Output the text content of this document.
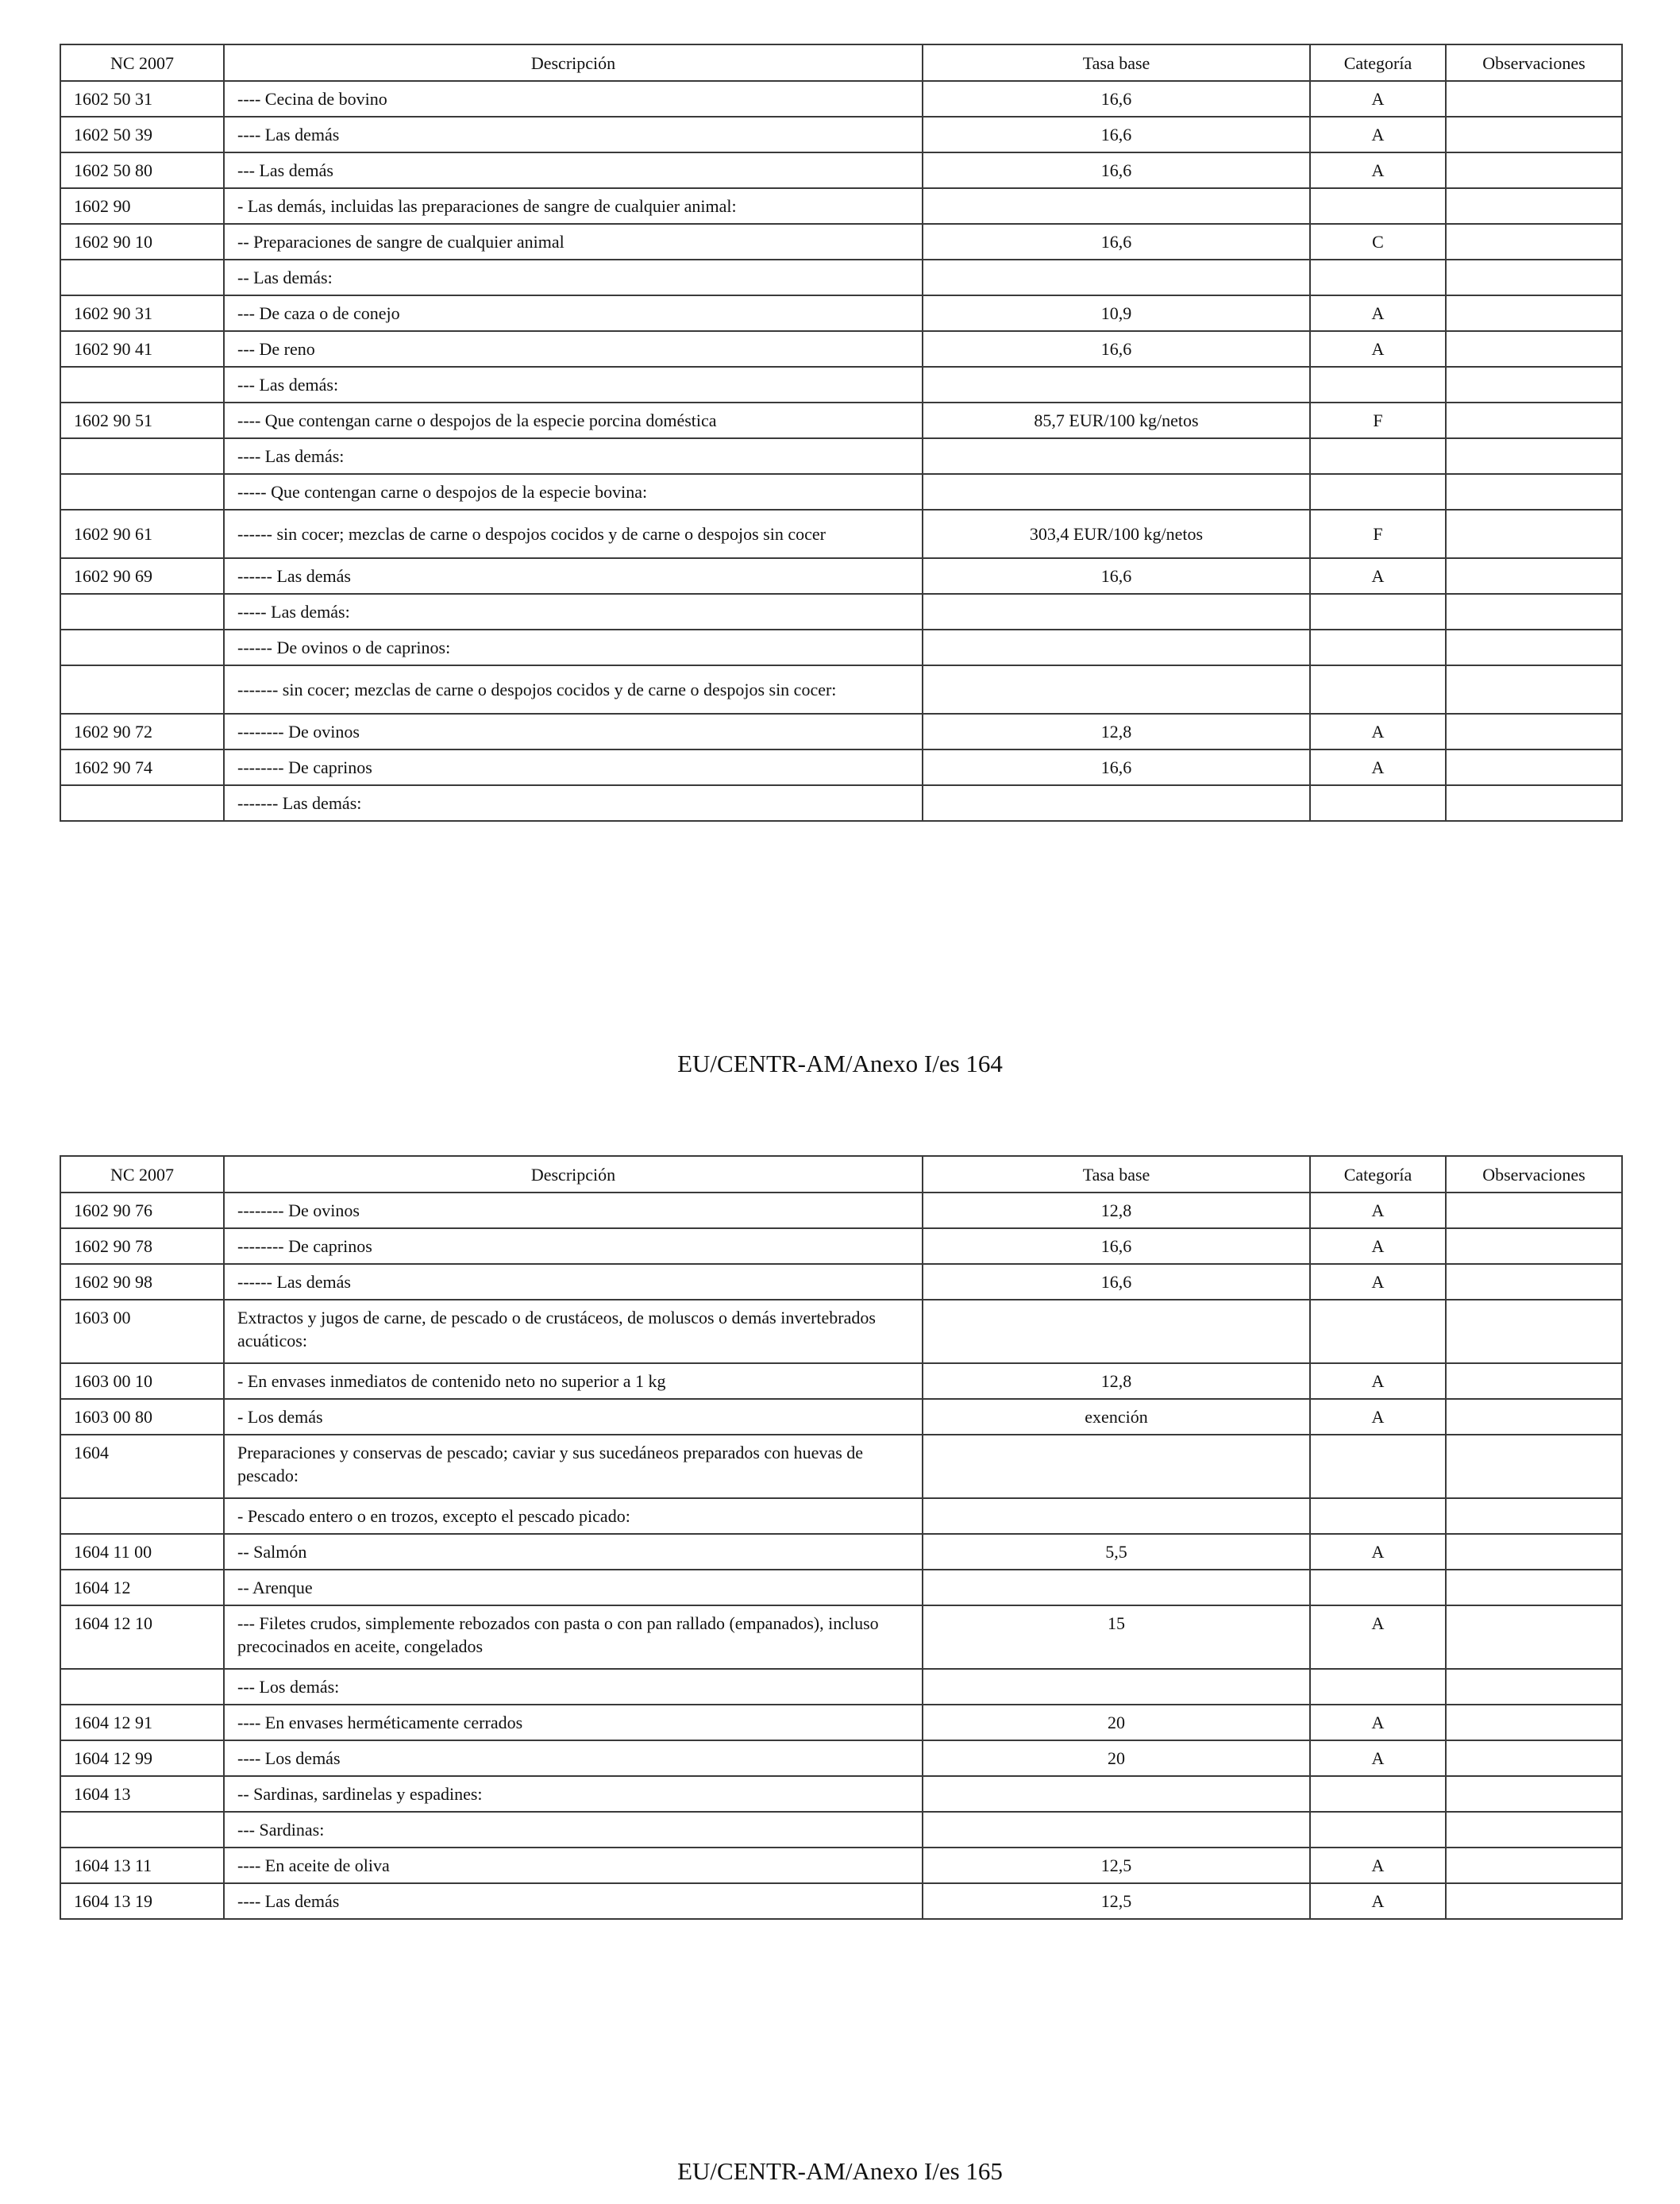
NC 2007	Descripción	Tasa base	Categoría	Observaciones
1602 50 31	---- Cecina de bovino	16,6	A	
1602 50 39	---- Las demás	16,6	A	
1602 50 80	--- Las demás	16,6	A	
1602 90	- Las demás, incluidas las preparaciones de sangre de cualquier animal:			
1602 90 10	-- Preparaciones de sangre de cualquier animal	16,6	C	
	-- Las demás:			
1602 90 31	--- De caza o de conejo	10,9	A	
1602 90 41	--- De reno	16,6	A	
	--- Las demás:			
1602 90 51	---- Que contengan carne o despojos de la especie porcina doméstica	85,7 EUR/100 kg/netos	F	
	---- Las demás:			
	----- Que contengan carne o despojos de la especie bovina:			
1602 90 61	------ sin cocer; mezclas de carne o despojos cocidos y de carne o despojos sin cocer	303,4 EUR/100 kg/netos	F	
1602 90 69	------ Las demás	16,6	A	
	----- Las demás:			
	------ De ovinos o de caprinos:			
	------- sin cocer; mezclas de carne o despojos cocidos y de carne o despojos sin cocer:			
1602 90 72	-------- De ovinos	12,8	A	
1602 90 74	-------- De caprinos	16,6	A	
	------- Las demás:			
EU/CENTR-AM/Anexo I/es 164
NC 2007	Descripción	Tasa base	Categoría	Observaciones
1602 90 76	-------- De ovinos	12,8	A	
1602 90 78	-------- De caprinos	16,6	A	
1602 90 98	------ Las demás	16,6	A	
1603 00	Extractos y jugos de carne, de pescado o de crustáceos, de moluscos o demás invertebrados acuáticos:			
1603 00 10	- En envases inmediatos de contenido neto no superior a 1 kg	12,8	A	
1603 00 80	- Los demás	exención	A	
1604	Preparaciones y conservas de pescado; caviar y sus sucedáneos preparados con huevas de pescado:			
	- Pescado entero o en trozos, excepto el pescado picado:			
1604 11 00	-- Salmón	5,5	A	
1604 12	-- Arenque			
1604 12 10	--- Filetes crudos, simplemente rebozados con pasta o con pan rallado (empanados), incluso precocinados en aceite, congelados	15	A	
	--- Los demás:			
1604 12 91	---- En envases herméticamente cerrados	20	A	
1604 12 99	---- Los demás	20	A	
1604 13	-- Sardinas, sardinelas y espadines:			
	--- Sardinas:			
1604 13 11	---- En aceite de oliva	12,5	A	
1604 13 19	---- Las demás	12,5	A	
EU/CENTR-AM/Anexo I/es 165
